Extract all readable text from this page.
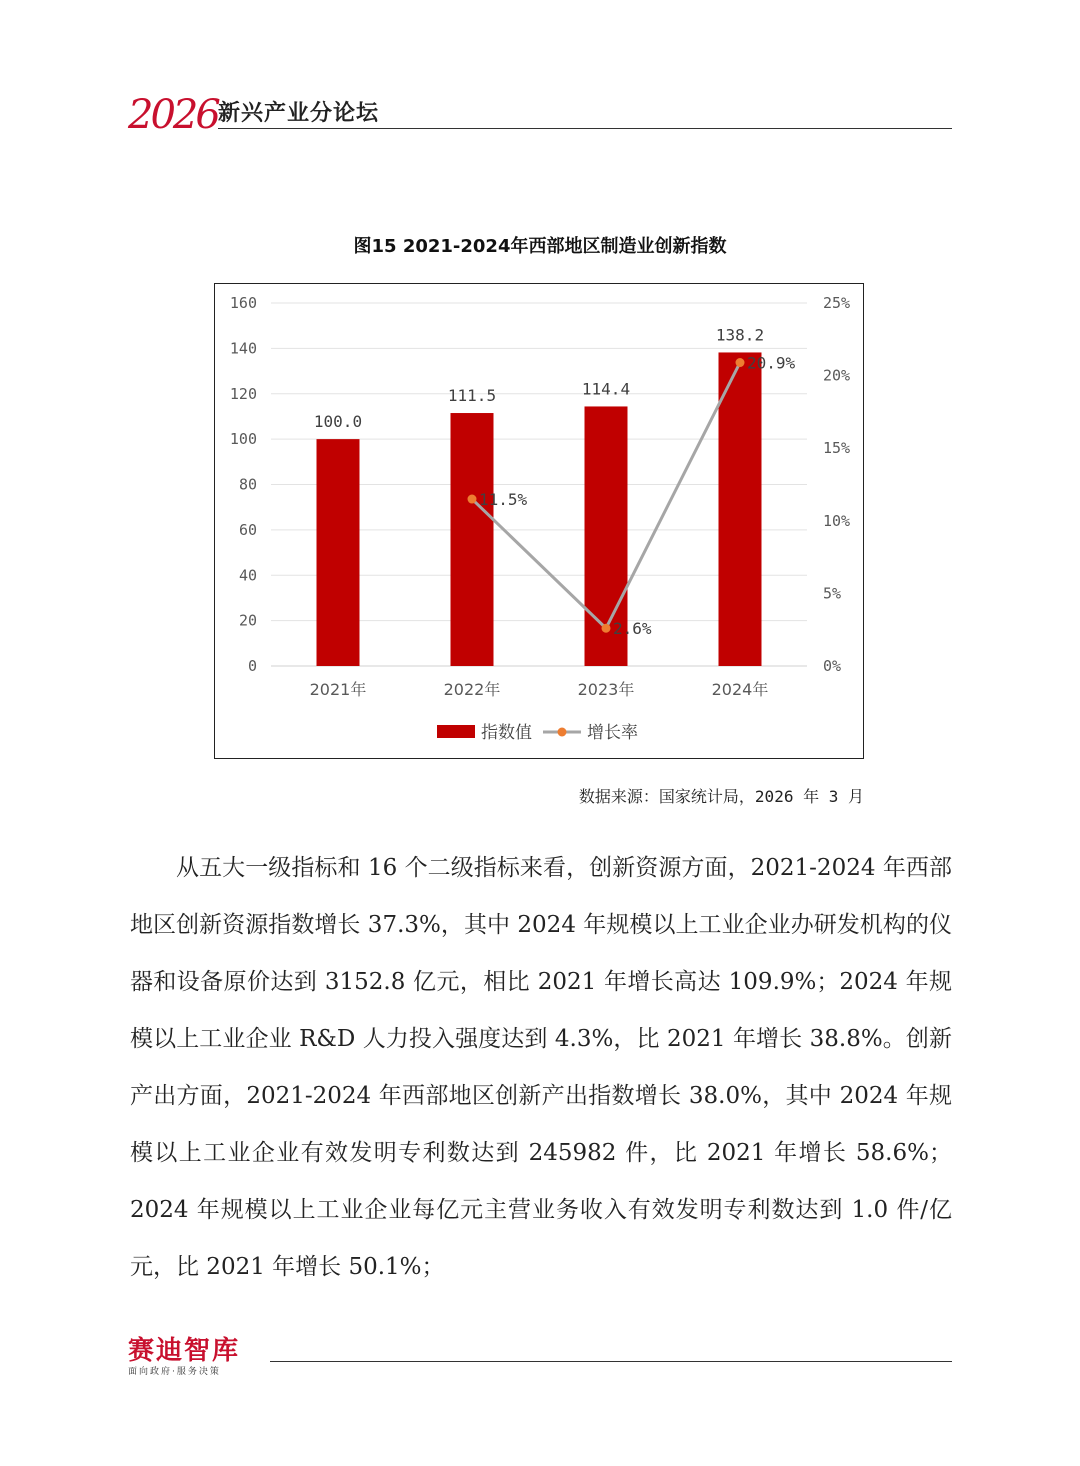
2026 新兴产业分论坛
图15 2021-2024年西部地区制造业创新指数
0
20
40
60
80
100
120
140
160
0%
5%
10%
15%
20%
25%
100.0
111.5	114.4
138.2
2021年	2022年	2023年	2024年
11.5%
2.6%
20.9%
指数值	增长率
数据来源：国家统计局，2026 年 3 月

从五大一级指标和 16 个二级指标来看，创新资源方面，2021-2024 年西部地区创新资源指数增长 37.3%，其中 2024 年规模以上工业企业办研发机构的仪器和设备原价达到 3152.8 亿元，相比 2021 年增长高达 109.9%；2024 年规模以上工业企业 R&D 人力投入强度达到 4.3%，比 2021 年增长 38.8%。创新产出方面，2021-2024 年西部地区创新产出指数增长 38.0%，其中 2024 年规模以上工业企业有效发明专利数达到 245982 件，比 2021 年增长 58.6%；2024 年规模以上工业企业每亿元主营业务收入有效发明专利数达到 1.0 件/亿元，比 2021 年增长 50.1%；

赛迪智库
面向政府·服务决策
